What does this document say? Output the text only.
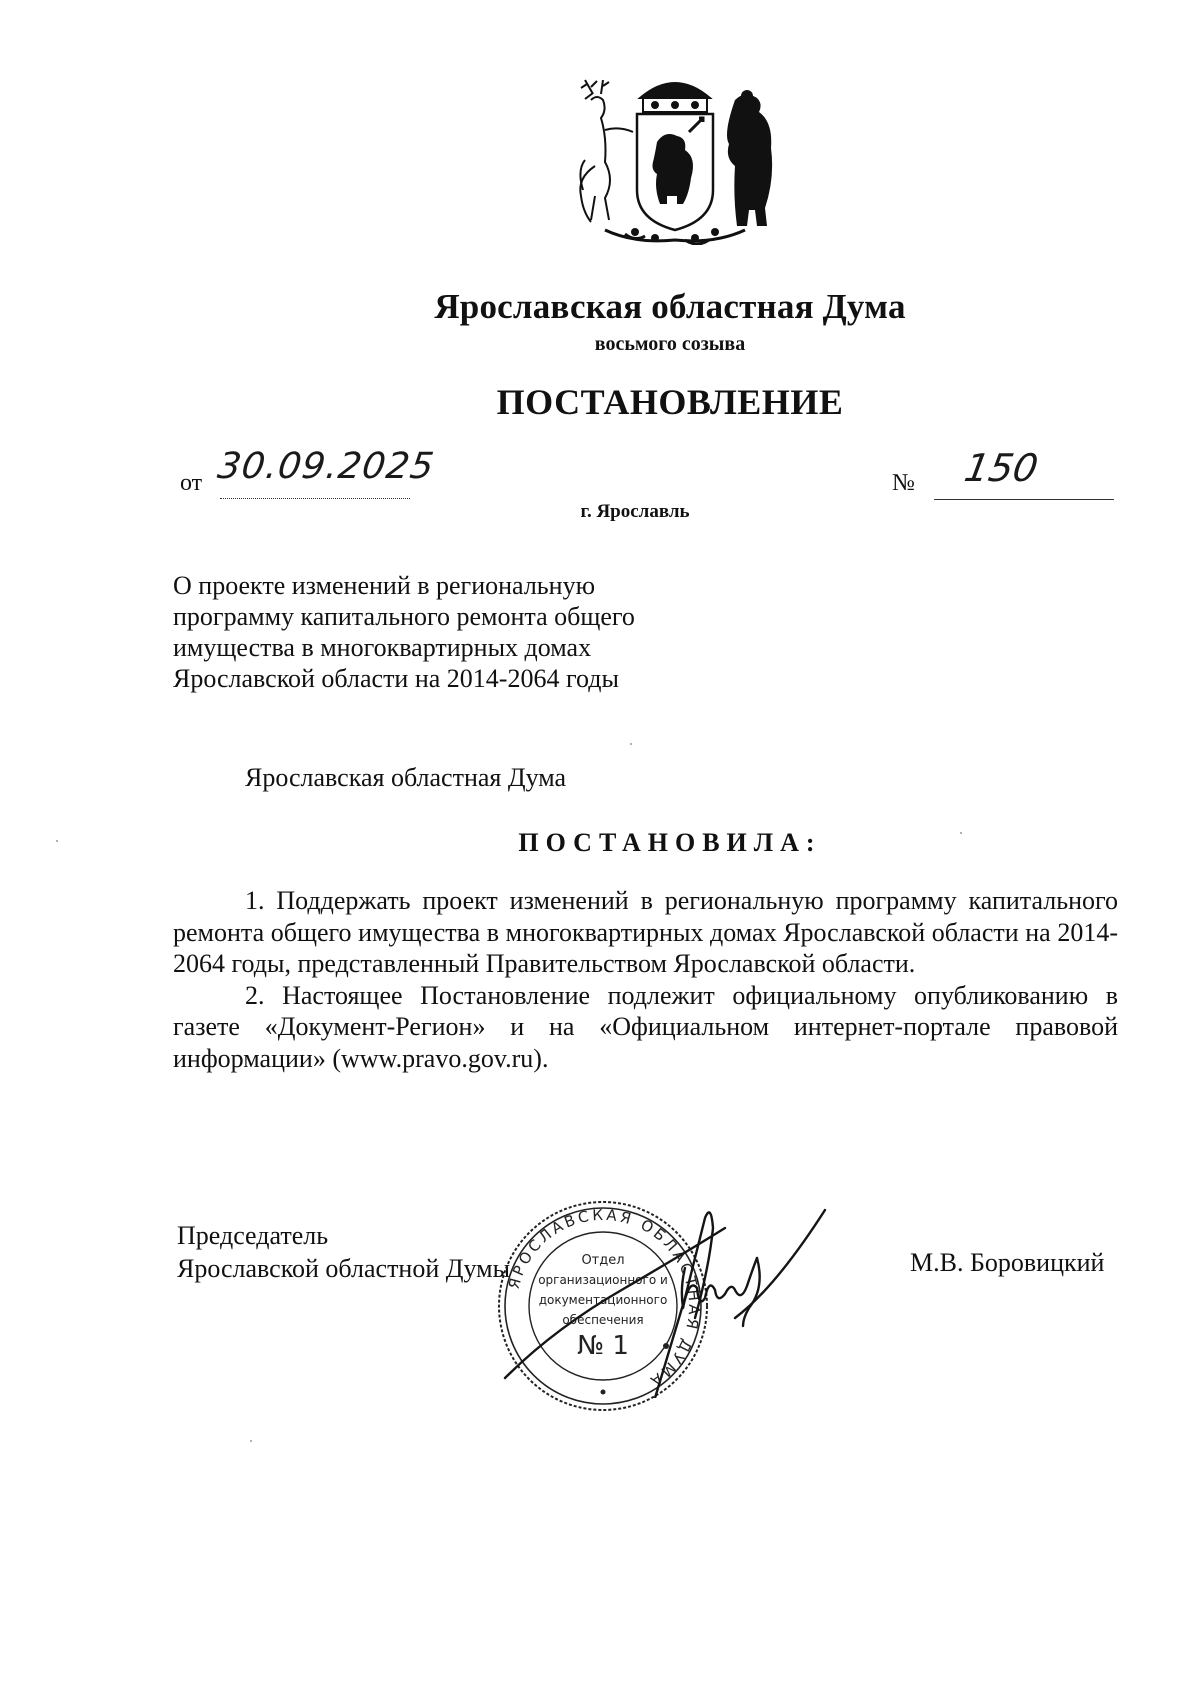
Ярославская областная Дума
восьмого созыва
ПОСТАНОВЛЕНИЕ
от 30.09.2025	№ 150
г. Ярославль
О проекте изменений в региональную
программу капитального ремонта общего
имущества в многоквартирных домах
Ярославской области на 2014-2064 годы
Ярославская областная Дума
ПОСТАНОВИЛА:

1. Поддержать проект изменений в региональную программу капитального ремонта общего имущества в многоквартирных домах Ярославской области на 2014-2064 годы, представленный Правительством Ярославской области.

2. Настоящее Постановление подлежит официальному опубликованию в газете «Документ-Регион» и на «Официальном интернет-портале правовой информации» (www.pravo.gov.ru).

Председатель
Ярославской областной Думы	М.В. Боровицкий
ЯРОСЛАВСКАЯ ОБЛАСТНАЯ ДУМА
Отдел
организационного и
документационного
обеспечения
№ 1
